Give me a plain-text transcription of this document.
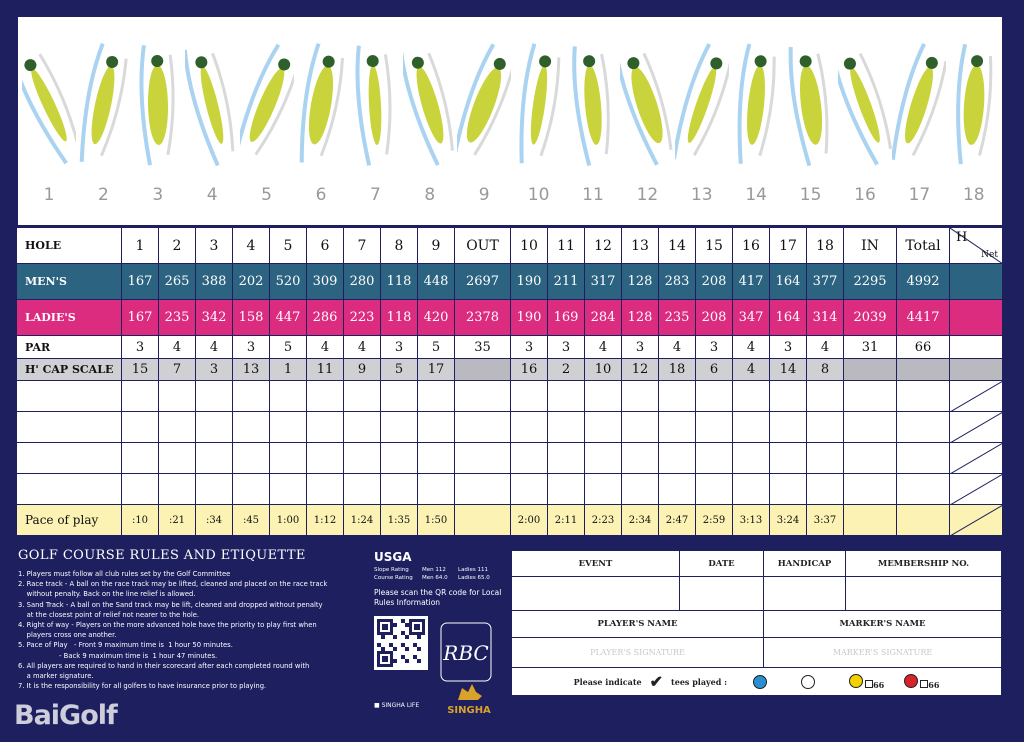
1	2	3	4	5	6	7	8	9	10	11	12	13	14	15	16	17	18
HOLE	1	2	3	4	5	6	7	8	9	OUT	10	11	12	13	14	15	16	17	18	IN	Total	H
Net

MEN'S	167	265	388	202	520	309	280	118	448	2697	190	211	317	128	283	208	417	164	377	2295	4992	
LADIE'S	167	235	342	158	447	286	223	118	420	2378	190	169	284	128	235	208	347	164	314	2039	4417	
PAR	3	4	4	3	5	4	4	3	5	35	3	3	4	3	4	3	4	3	4	31	66	
H' CAP SCALE	15	7	3	13	1	11	9	5	17		16	2	10	12	18	6	4	14	8			

Pace of play	:10	:21	:34	:45	1:00	1:12	1:24	1:35	1:50		2:00	2:11	2:23	2:34	2:47	2:59	3:13	3:24	3:37			
GOLF COURSE RULES AND ETIQUETTE
1. Players must follow all club rules set by the Golf Committee
2. Race track - A ball on the race track may be lifted, cleaned and placed on the race track
without penalty. Back on the line relief is allowed.
3. Sand Track - A ball on the Sand track may be lift, cleaned and dropped without penalty
at the closest point of relief not nearer to the hole.
4. Right of way - Players on the more advanced hole have the priority to play first when
players cross one another.
5. Pace of Play   - Front 9 maximum time is  1 hour 50 minutes.
- Back 9 maximum time is  1 hour 47 minutes.
6. All players are required to hand in their scorecard after each completed round with
a marker signature.
7. It is the responsibility for all golfers to have insurance prior to playing.
BaiGolf
USGA
Slope Rating	Men 112	Ladies 111
Course Rating	Men 64.0	Ladies 65.0
Please scan the QR code for Local Rules Information
RBC
■ SINGHA LIFE	SINGHA
EVENT	DATE	HANDICAP	MEMBERSHIP NO.

PLAYER'S NAME		MARKER'S NAME	
PLAYER'S SIGNATURE		MARKER'S SIGNATURE	

Please indicate ✔ tees played : 66 66			
